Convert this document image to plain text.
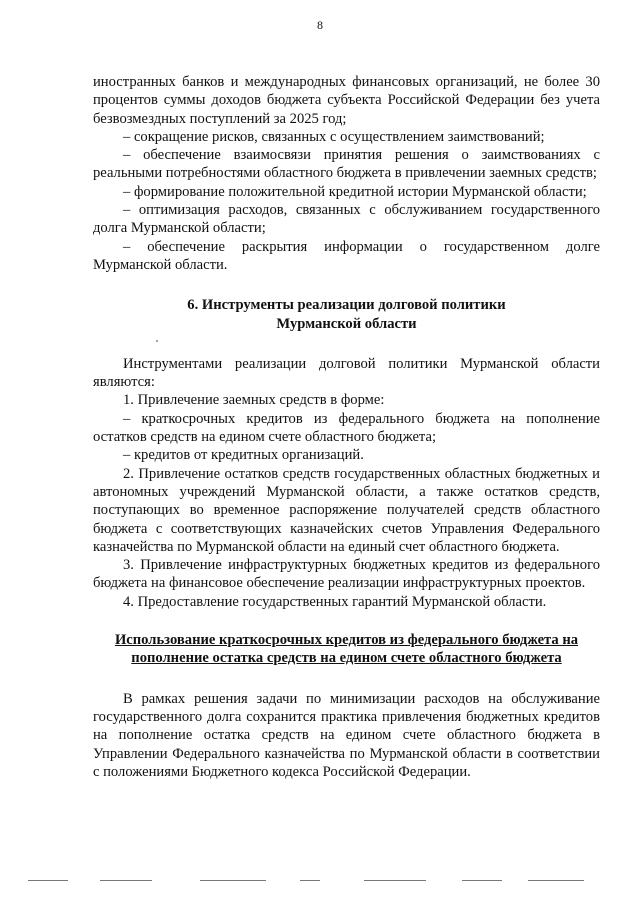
8

иностранных банков и международных финансовых организаций, не более 30 процентов суммы доходов бюджета субъекта Российской Федерации без учета безвозмездных поступлений за 2025 год;

– сокращение рисков, связанных с осуществлением заимствований;

– обеспечение взаимосвязи принятия решения о заимствованиях с реальными потребностями областного бюджета в привлечении заемных средств;

– формирование положительной кредитной истории Мурманской области;

– оптимизация расходов, связанных с обслуживанием государственного долга Мурманской области;

– обеспечение раскрытия информации о государственном долге Мурманской области.

6. Инструменты реализации долговой политики
Мурманской области

Инструментами реализации долговой политики Мурманской области являются:

1. Привлечение заемных средств в форме:

– краткосрочных кредитов из федерального бюджета на пополнение остатков средств на едином счете областного бюджета;

– кредитов от кредитных организаций.

2. Привлечение остатков средств государственных областных бюджетных и автономных учреждений Мурманской области, а также остатков средств, поступающих во временное распоряжение получателей средств областного бюджета с соответствующих казначейских счетов Управления Федерального казначейства по Мурманской области на единый счет областного бюджета.

3. Привлечение инфраструктурных бюджетных кредитов из федерального бюджета на финансовое обеспечение реализации инфраструктурных проектов.

4. Предоставление государственных гарантий Мурманской области.

Использование краткосрочных кредитов из федерального бюджета на пополнение остатка средств на едином счете областного бюджета

В рамках решения задачи по минимизации расходов на обслуживание государственного долга сохранится практика привлечения бюджетных кредитов на пополнение остатка средств на едином счете областного бюджета в Управлении Федерального казначейства по Мурманской области в соответствии с положениями Бюджетного кодекса Российской Федерации.
